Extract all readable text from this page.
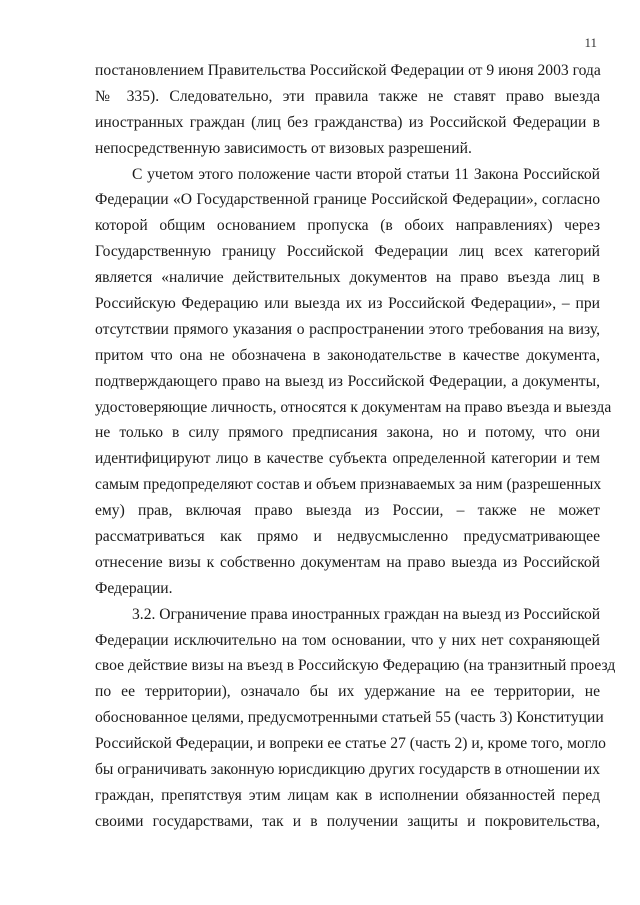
11
постановлением Правительства Российской Федерации от 9 июня 2003 года
№ 335). Следовательно, эти правила также не ставят право выезда
иностранных граждан (лиц без гражданства) из Российской Федерации в
непосредственную зависимость от визовых разрешений.
С учетом этого положение части второй статьи 11 Закона Российской
Федерации «О Государственной границе Российской Федерации», согласно
которой общим основанием пропуска (в обоих направлениях) через
Государственную границу Российской Федерации лиц всех категорий
является «наличие действительных документов на право въезда лиц в
Российскую Федерацию или выезда их из Российской Федерации», – при
отсутствии прямого указания о распространении этого требования на визу,
притом что она не обозначена в законодательстве в качестве документа,
подтверждающего право на выезд из Российской Федерации, а документы,
удостоверяющие личность, относятся к документам на право въезда и выезда
не только в силу прямого предписания закона, но и потому, что они
идентифицируют лицо в качестве субъекта определенной категории и тем
самым предопределяют состав и объем признаваемых за ним (разрешенных
ему) прав, включая право выезда из России, – также не может
рассматриваться как прямо и недвусмысленно предусматривающее
отнесение визы к собственно документам на право выезда из Российской
Федерации.
3.2. Ограничение права иностранных граждан на выезд из Российской
Федерации исключительно на том основании, что у них нет сохраняющей
свое действие визы на въезд в Российскую Федерацию (на транзитный проезд
по ее территории), означало бы их удержание на ее территории, не
обоснованное целями, предусмотренными статьей 55 (часть 3) Конституции
Российской Федерации, и вопреки ее статье 27 (часть 2) и, кроме того, могло
бы ограничивать законную юрисдикцию других государств в отношении их
граждан, препятствуя этим лицам как в исполнении обязанностей перед
своими государствами, так и в получении защиты и покровительства,
